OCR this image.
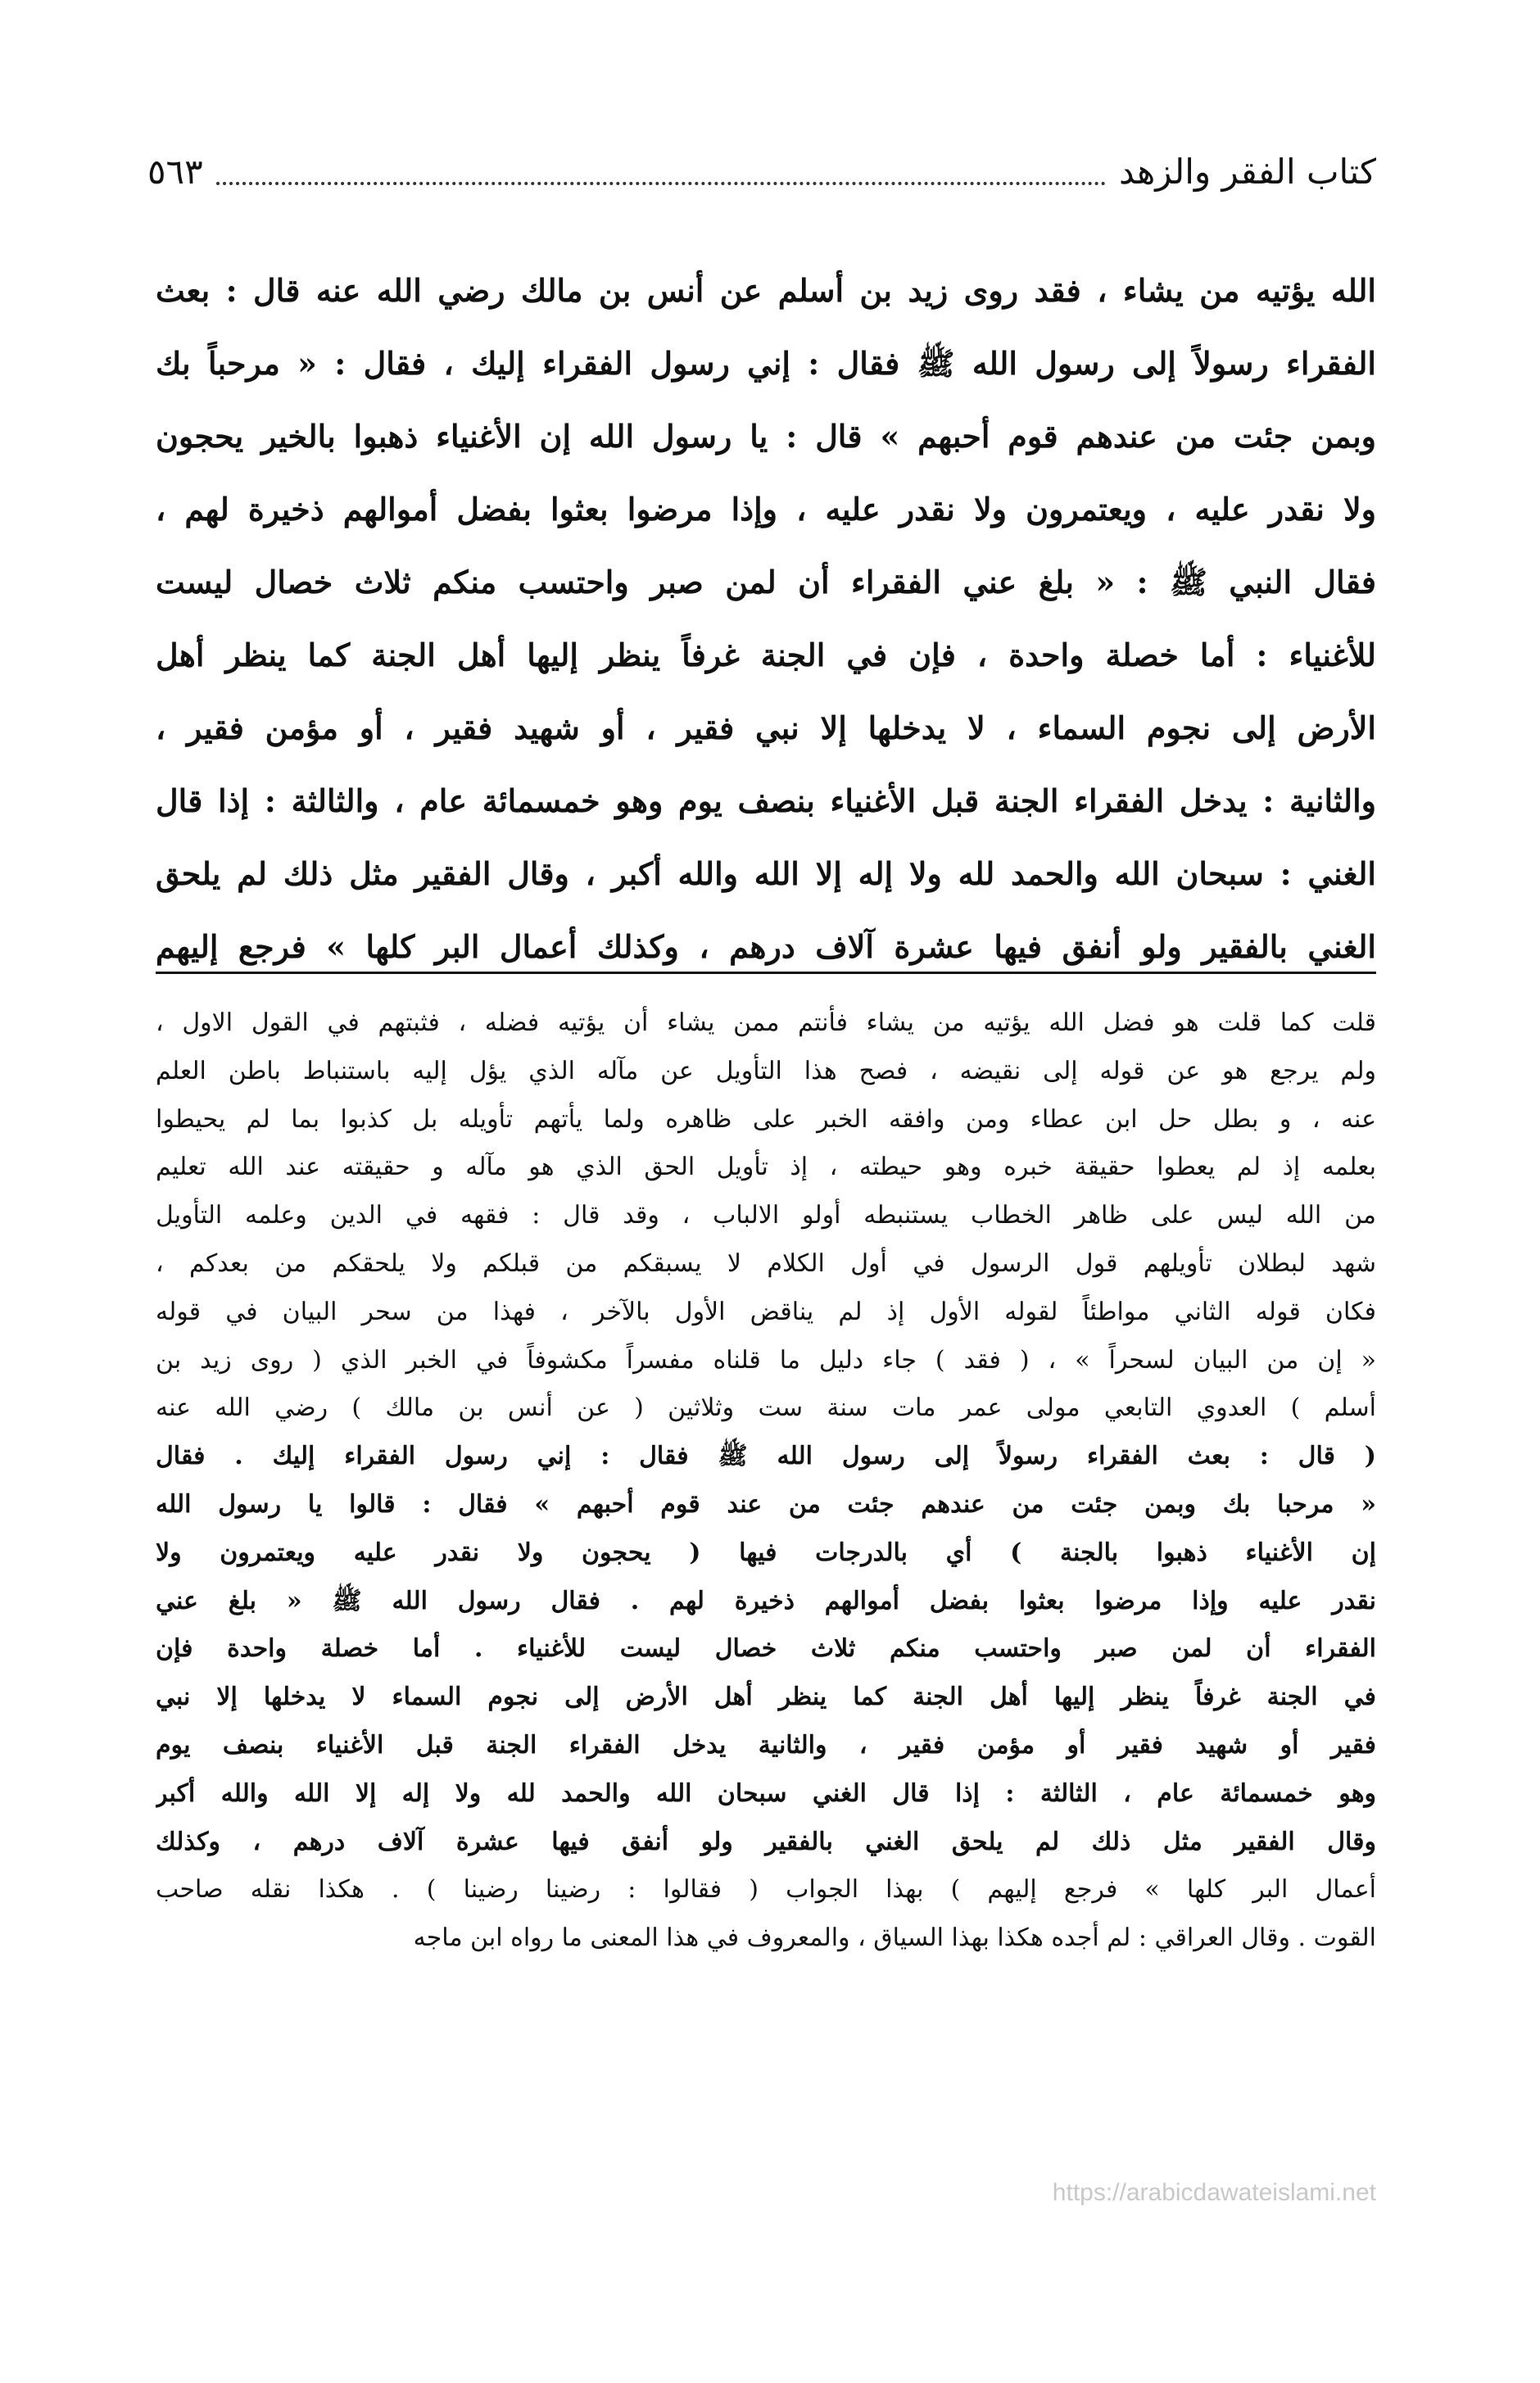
٥٦٣	كتاب الفقر والزهد
الله يؤتيه من يشاء ، فقد روى زيد بن أسلم عن أنس بن مالك رضي الله عنه قال : بعث
الفقراء رسولاً إلى رسول الله ﷺ فقال : إني رسول الفقراء إليك ، فقال : « مرحباً بك
وبمن جئت من عندهم قوم أحبهم » قال : يا رسول الله إن الأغنياء ذهبوا بالخير يحجون
ولا نقدر عليه ، ويعتمرون ولا نقدر عليه ، وإذا مرضوا بعثوا بفضل أموالهم ذخيرة لهم ،
فقال النبي ﷺ : « بلغ عني الفقراء أن لمن صبر واحتسب منكم ثلاث خصال ليست
للأغنياء : أما خصلة واحدة ، فإن في الجنة غرفاً ينظر إليها أهل الجنة كما ينظر أهل
الأرض إلى نجوم السماء ، لا يدخلها إلا نبي فقير ، أو شهيد فقير ، أو مؤمن فقير ،
والثانية : يدخل الفقراء الجنة قبل الأغنياء بنصف يوم وهو خمسمائة عام ، والثالثة : إذا قال
الغني : سبحان الله والحمد لله ولا إله إلا الله والله أكبر ، وقال الفقير مثل ذلك لم يلحق
الغني بالفقير ولو أنفق فيها عشرة آلاف درهم ، وكذلك أعمال البر كلها » فرجع إليهم
قلت كما قلت هو فضل الله يؤتيه من يشاء فأنتم ممن يشاء أن يؤتيه فضله ، فثبتهم في القول الاول ،
ولم يرجع هو عن قوله إلى نقيضه ، فصح هذا التأويل عن مآله الذي يؤل إليه باستنباط باطن العلم
عنه ، و بطل حل ابن عطاء ومن وافقه الخبر على ظاهره ولما يأتهم تأويله بل كذبوا بما لم يحيطوا
بعلمه إذ لم يعطوا حقيقة خبره وهو حيطته ، إذ تأويل الحق الذي هو مآله و حقيقته عند الله تعليم
من الله ليس على ظاهر الخطاب يستنبطه أولو الالباب ، وقد قال : فقهه في الدين وعلمه التأويل
شهد لبطلان تأويلهم قول الرسول في أول الكلام لا يسبقكم من قبلكم ولا يلحقكم من بعدكم ،
فكان قوله الثاني مواطئاً لقوله الأول إذ لم يناقض الأول بالآخر ، فهذا من سحر البيان في قوله
« إن من البيان لسحراً » ، ( فقد ) جاء دليل ما قلناه مفسراً مكشوفاً في الخبر الذي ( روى زيد بن
أسلم ) العدوي التابعي مولى عمر مات سنة ست وثلاثين ( عن أنس بن مالك ) رضي الله عنه
( قال : بعث الفقراء رسولاً إلى رسول الله ﷺ فقال : إني رسول الفقراء إليك . فقال
« مرحبا بك وبمن جئت من عندهم جئت من عند قوم أحبهم » فقال : قالوا يا رسول الله
إن الأغنياء ذهبوا بالجنة ) أي بالدرجات فيها ( يحجون ولا نقدر عليه ويعتمرون ولا
نقدر عليه وإذا مرضوا بعثوا بفضل أموالهم ذخيرة لهم . فقال رسول الله ﷺ « بلغ عني
الفقراء أن لمن صبر واحتسب منكم ثلاث خصال ليست للأغنياء . أما خصلة واحدة فإن
في الجنة غرفاً ينظر إليها أهل الجنة كما ينظر أهل الأرض إلى نجوم السماء لا يدخلها إلا نبي
فقير أو شهيد فقير أو مؤمن فقير ، والثانية يدخل الفقراء الجنة قبل الأغنياء بنصف يوم
وهو خمسمائة عام ، الثالثة : إذا قال الغني سبحان الله والحمد لله ولا إله إلا الله والله أكبر
وقال الفقير مثل ذلك لم يلحق الغني بالفقير ولو أنفق فيها عشرة آلاف درهم ، وكذلك
أعمال البر كلها » فرجع إليهم ) بهذا الجواب ( فقالوا : رضينا رضينا ) . هكذا نقله صاحب
القوت . وقال العراقي : لم أجده هكذا بهذا السياق ، والمعروف في هذا المعنى ما رواه ابن ماجه
https://arabicdawateislami.net
